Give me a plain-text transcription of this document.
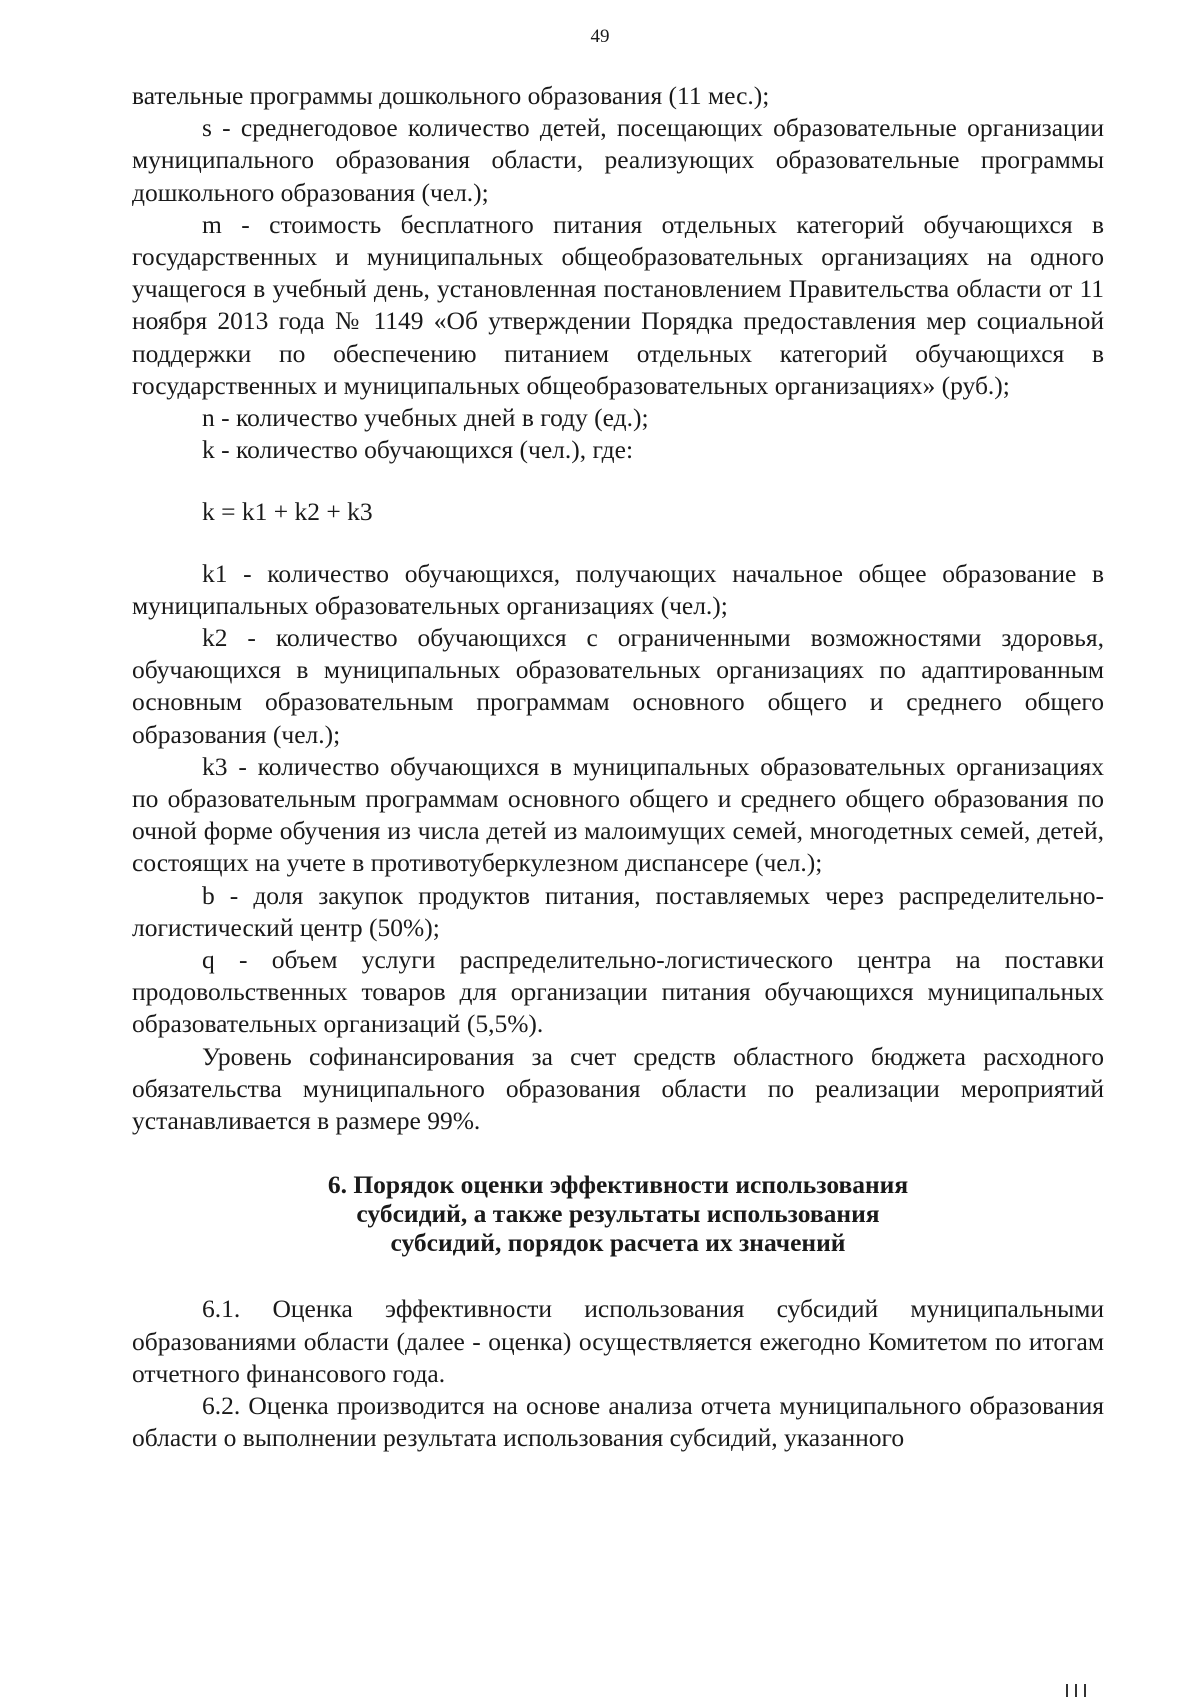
49

вательные программы дошкольного образования (11 мес.);

s - среднегодовое количество детей, посещающих образовательные организации муниципального образования области, реализующих образовательные программы дошкольного образования (чел.);

m - стоимость бесплатного питания отдельных категорий обучающихся в государственных и муниципальных общеобразовательных организациях на одного учащегося в учебный день, установленная постановлением Правительства области от 11 ноября 2013 года № 1149 «Об утверждении Порядка предоставления мер социальной поддержки по обеспечению питанием отдельных категорий обучающихся в государственных и муниципальных общеобразовательных организациях» (руб.);

n - количество учебных дней в году (ед.);

k - количество обучающихся (чел.), где:

k = k1 + k2 + k3

k1 - количество обучающихся, получающих начальное общее образование в муниципальных образовательных организациях (чел.);

k2 - количество обучающихся с ограниченными возможностями здоровья, обучающихся в муниципальных образовательных организациях по адаптированным основным образовательным программам основного общего и среднего общего образования (чел.);

k3 - количество обучающихся в муниципальных образовательных организациях по образовательным программам основного общего и среднего общего образования по очной форме обучения из числа детей из малоимущих семей, многодетных семей, детей, состоящих на учете в противотуберкулезном диспансере (чел.);

b - доля закупок продуктов питания, поставляемых через распределительно-логистический центр (50%);

q - объем услуги распределительно-логистического центра на поставки продовольственных товаров для организации питания обучающихся муниципальных образовательных организаций (5,5%).

Уровень софинансирования за счет средств областного бюджета расходного обязательства муниципального образования области по реализации мероприятий устанавливается в размере 99%.

6. Порядок оценки эффективности использования
субсидий, а также результаты использования
субсидий, порядок расчета их значений

6.1. Оценка эффективности использования субсидий муниципальными образованиями области (далее - оценка) осуществляется ежегодно Комитетом по итогам отчетного финансового года.

6.2. Оценка производится на основе анализа отчета муниципального образования области о выполнении результата использования субсидий, указанного
